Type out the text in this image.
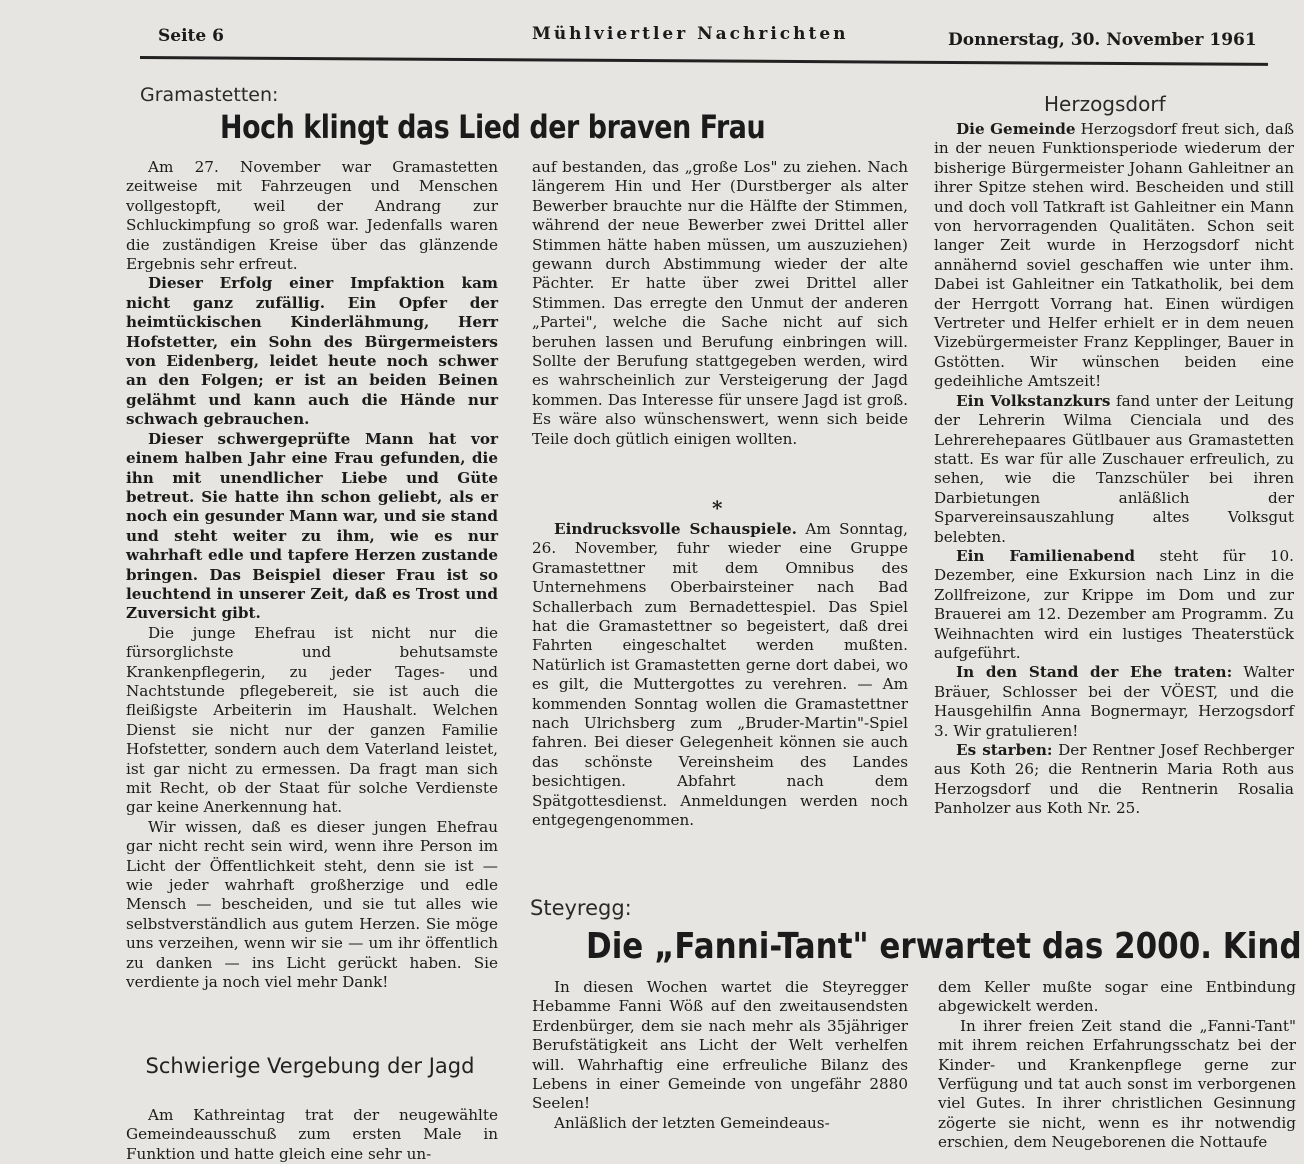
Seite 6	Mühlviertler Nachrichten	Donnerstag, 30. November 1961
Gramastetten:
Hoch klingt das Lied der braven Frau

Am 27. November war Gramastetten zeitweise mit Fahrzeugen und Menschen vollgestopft, weil der Andrang zur Schluckimpfung so groß war. Jedenfalls waren die zuständigen Kreise über das glänzende Ergebnis sehr erfreut.

Dieser Erfolg einer Impfaktion kam nicht ganz zufällig. Ein Opfer der heimtückischen Kinderlähmung, Herr Hofstetter, ein Sohn des Bürgermeisters von Eidenberg, leidet heute noch schwer an den Folgen; er ist an beiden Beinen gelähmt und kann auch die Hände nur schwach gebrauchen.

Dieser schwergeprüfte Mann hat vor einem halben Jahr eine Frau gefunden, die ihn mit unendlicher Liebe und Güte betreut. Sie hatte ihn schon geliebt, als er noch ein gesunder Mann war, und sie stand und steht weiter zu ihm, wie es nur wahrhaft edle und tapfere Herzen zustande bringen. Das Beispiel dieser Frau ist so leuchtend in unserer Zeit, daß es Trost und Zuversicht gibt.

Die junge Ehefrau ist nicht nur die fürsorglichste und behutsamste Krankenpflegerin, zu jeder Tages- und Nachtstunde pflegebereit, sie ist auch die fleißigste Arbeiterin im Haushalt. Welchen Dienst sie nicht nur der ganzen Familie Hofstetter, sondern auch dem Vaterland leistet, ist gar nicht zu ermessen. Da fragt man sich mit Recht, ob der Staat für solche Verdienste gar keine Anerkennung hat.

Wir wissen, daß es dieser jungen Ehefrau gar nicht recht sein wird, wenn ihre Person im Licht der Öffentlichkeit steht, denn sie ist — wie jeder wahrhaft großherzige und edle Mensch — bescheiden, und sie tut alles wie selbstverständlich aus gutem Herzen. Sie möge uns verzeihen, wenn wir sie — um ihr öffentlich zu danken — ins Licht gerückt haben. Sie verdiente ja noch viel mehr Dank!

Schwierige Vergebung der Jagd

Am Kathreintag trat der neugewählte Gemeindeausschuß zum ersten Male in Funktion und hatte gleich eine sehr un-

auf bestanden, das „große Los" zu ziehen. Nach längerem Hin und Her (Durstberger als alter Bewerber brauchte nur die Hälfte der Stimmen, während der neue Bewerber zwei Drittel aller Stimmen hätte haben müssen, um auszuziehen) gewann durch Abstimmung wieder der alte Pächter. Er hatte über zwei Drittel aller Stimmen. Das erregte den Unmut der anderen „Partei", welche die Sache nicht auf sich beruhen lassen und Berufung einbringen will. Sollte der Berufung stattgegeben werden, wird es wahrscheinlich zur Versteigerung der Jagd kommen. Das Interesse für unsere Jagd ist groß. Es wäre also wünschenswert, wenn sich beide Teile doch gütlich einigen wollten.

*

Eindrucksvolle Schauspiele. Am Sonntag, 26. November, fuhr wieder eine Gruppe Gramastettner mit dem Omnibus des Unternehmens Oberbairsteiner nach Bad Schallerbach zum Bernadettespiel. Das Spiel hat die Gramastettner so begeistert, daß drei Fahrten eingeschaltet werden mußten. Natürlich ist Gramastetten gerne dort dabei, wo es gilt, die Muttergottes zu verehren. — Am kommenden Sonntag wollen die Gramastettner nach Ulrichsberg zum „Bruder-Martin"-Spiel fahren. Bei dieser Gelegenheit können sie auch das schönste Vereinsheim des Landes besichtigen. Abfahrt nach dem Spätgottesdienst. Anmeldungen werden noch entgegengenommen.

Herzogsdorf

Die Gemeinde Herzogsdorf freut sich, daß in der neuen Funktionsperiode wiederum der bisherige Bürgermeister Johann Gahleitner an ihrer Spitze stehen wird. Bescheiden und still und doch voll Tatkraft ist Gahleitner ein Mann von hervorragenden Qualitäten. Schon seit langer Zeit wurde in Herzogsdorf nicht annähernd soviel geschaffen wie unter ihm. Dabei ist Gahleitner ein Tatkatholik, bei dem der Herrgott Vorrang hat. Einen würdigen Vertreter und Helfer erhielt er in dem neuen Vizebürgermeister Franz Kepplinger, Bauer in Gstötten. Wir wünschen beiden eine gedeihliche Amtszeit!

Ein Volkstanzkurs fand unter der Leitung der Lehrerin Wilma Cienciala und des Lehrerehepaares Gütlbauer aus Gramastetten statt. Es war für alle Zuschauer erfreulich, zu sehen, wie die Tanzschüler bei ihren Darbietungen anläßlich der Sparvereinsauszahlung altes Volksgut belebten.

Ein Familienabend steht für 10. Dezember, eine Exkursion nach Linz in die Zollfreizone, zur Krippe im Dom und zur Brauerei am 12. Dezember am Programm. Zu Weihnachten wird ein lustiges Theaterstück aufgeführt.

In den Stand der Ehe traten: Walter Bräuer, Schlosser bei der VÖEST, und die Hausgehilfin Anna Bognermayr, Herzogsdorf 3. Wir gratulieren!

Es starben: Der Rentner Josef Rechberger aus Koth 26; die Rentnerin Maria Roth aus Herzogsdorf und die Rentnerin Rosalia Panholzer aus Koth Nr. 25.

Steyregg:
Die „Fanni-Tant" erwartet das 2000. Kind

In diesen Wochen wartet die Steyregger Hebamme Fanni Wöß auf den zweitausendsten Erdenbürger, dem sie nach mehr als 35jähriger Berufstätigkeit ans Licht der Welt verhelfen will. Wahrhaftig eine erfreuliche Bilanz des Lebens in einer Gemeinde von ungefähr 2880 Seelen!

Anläßlich der letzten Gemeindeaus-

dem Keller mußte sogar eine Entbindung abgewickelt werden.

In ihrer freien Zeit stand die „Fanni-Tant" mit ihrem reichen Erfahrungsschatz bei der Kinder- und Krankenpflege gerne zur Verfügung und tat auch sonst im verborgenen viel Gutes. In ihrer christlichen Gesinnung zögerte sie nicht, wenn es ihr notwendig erschien, dem Neugeborenen die Nottaufe
